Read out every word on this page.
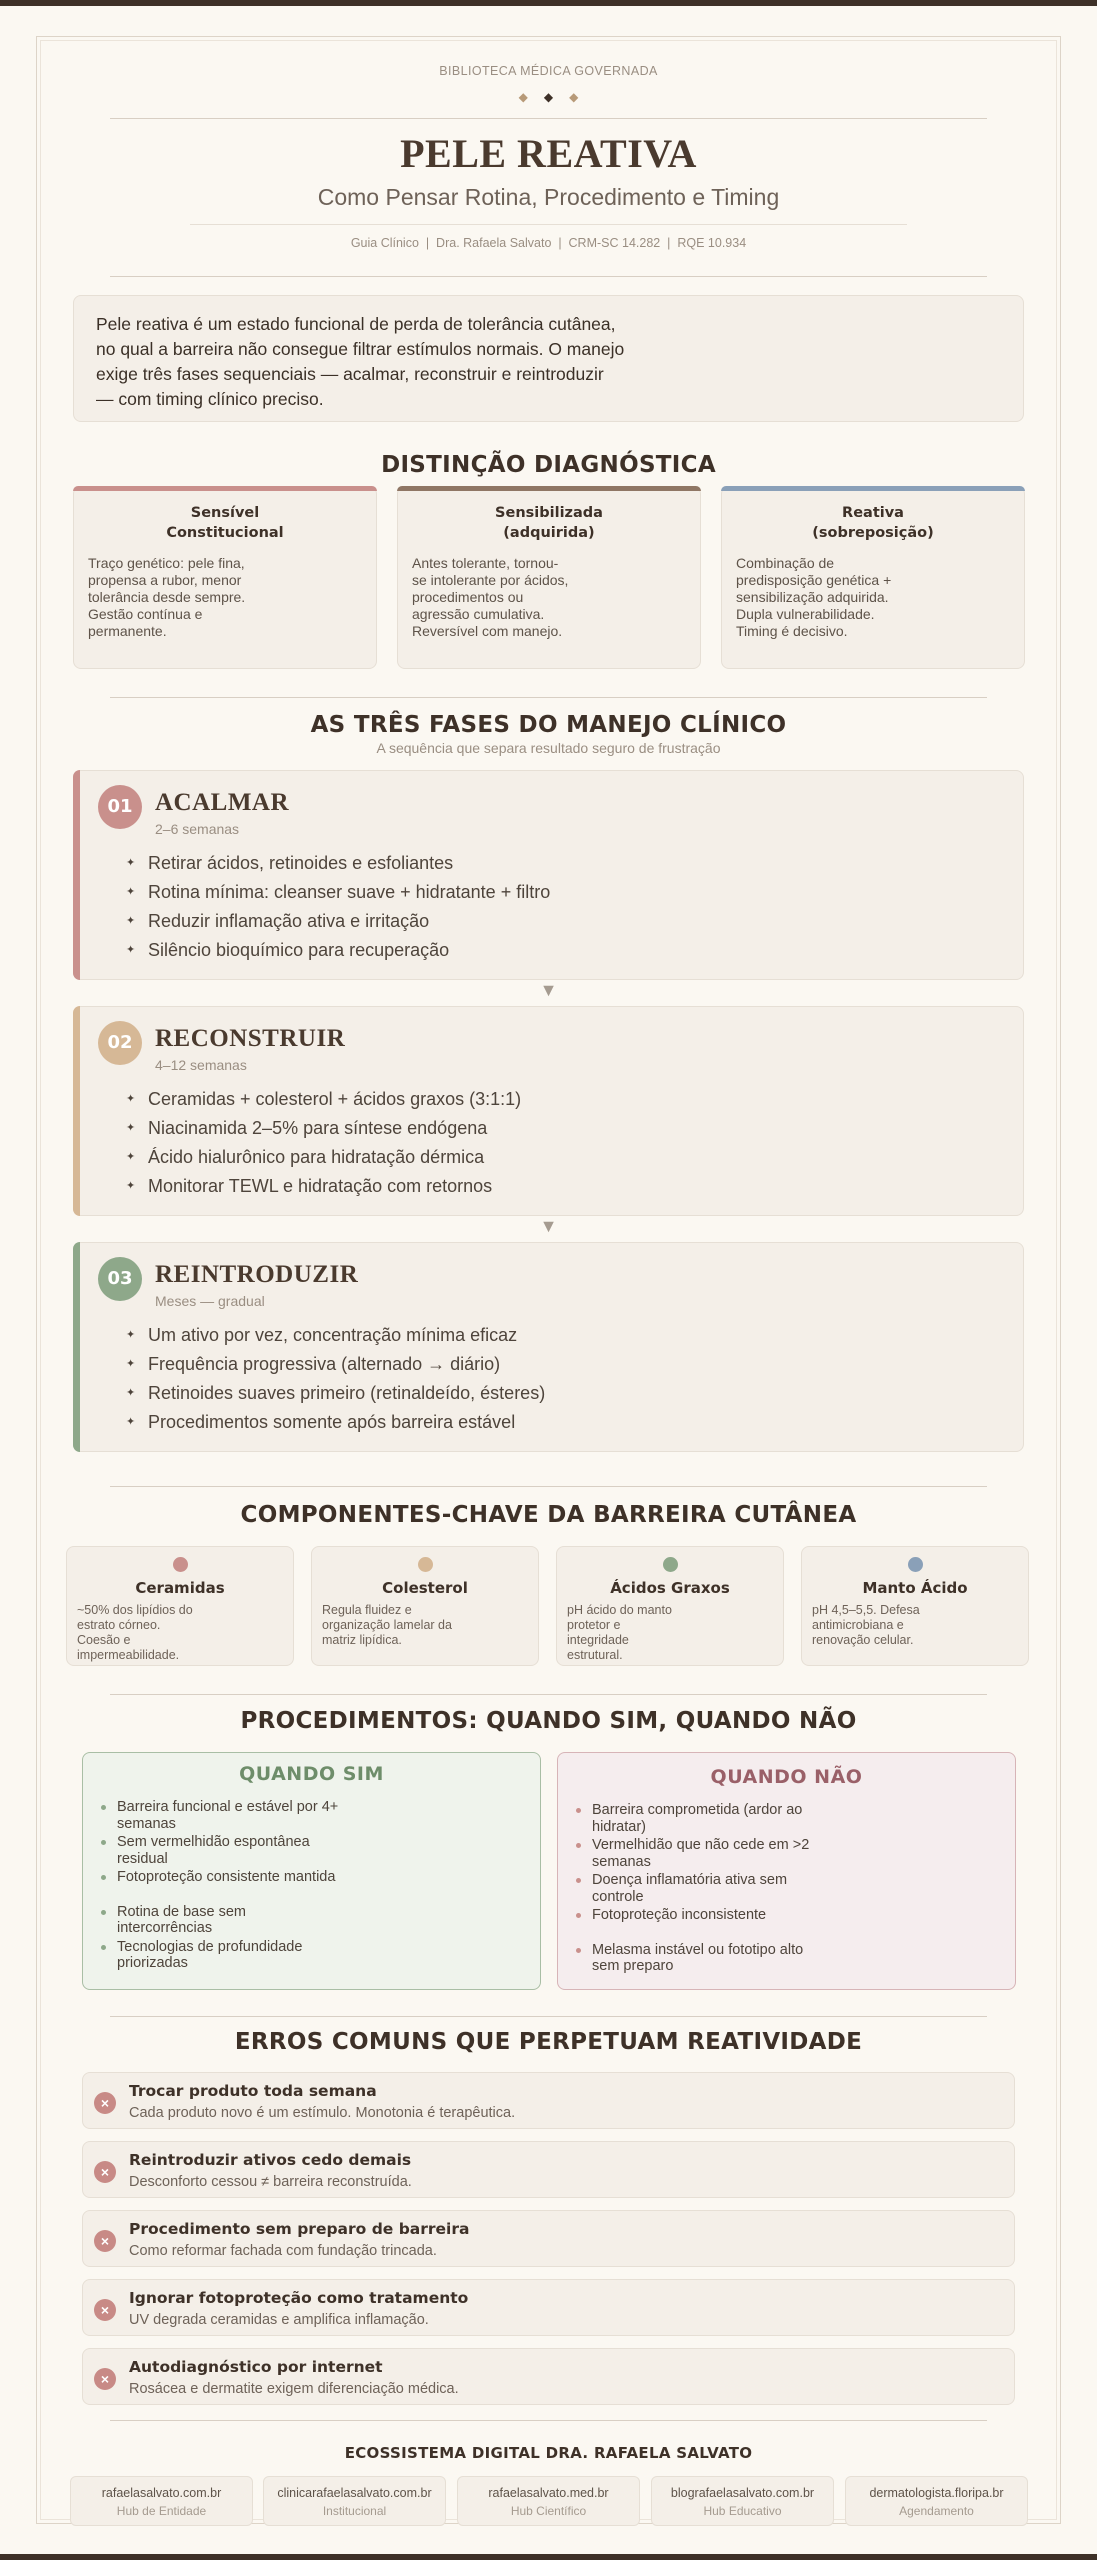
BIBLIOTECA MÉDICA GOVERNADA
◆ ◆ ◆
PELE REATIVA
Como Pensar Rotina, Procedimento e Timing
Guia Clínico  |  Dra. Rafaela Salvato  |  CRM-SC 14.282  |  RQE 10.934

Pele reativa é um estado funcional de perda de tolerância cutânea, no qual a barreira não consegue filtrar estímulos normais. O manejo exige três fases sequenciais — acalmar, reconstruir e reintroduzir — com timing clínico preciso.

DISTINÇÃO DIAGNÓSTICA
Sensível Constitucional

Traço genético: pele fina, propensa a rubor, menor tolerância desde sempre. Gestão contínua e permanente.

Sensibilizada (adquirida)

Antes tolerante, tornou-se intolerante por ácidos, procedimentos ou agressão cumulativa. Reversível com manejo.

Reativa (sobreposição)

Combinação de predisposição genética + sensibilização adquirida. Dupla vulnerabilidade. Timing é decisivo.

AS TRÊS FASES DO MANEJO CLÍNICO
A sequência que separa resultado seguro de frustração
01 ACALMAR
2–6 semanas
✦ Retirar ácidos, retinoides e esfoliantes
✦ Rotina mínima: cleanser suave + hidratante + filtro
✦ Reduzir inflamação ativa e irritação
✦ Silêncio bioquímico para recuperação
▼
02 RECONSTRUIR
4–12 semanas
✦ Ceramidas + colesterol + ácidos graxos (3:1:1)
✦ Niacinamida 2–5% para síntese endógena
✦ Ácido hialurônico para hidratação dérmica
✦ Monitorar TEWL e hidratação com retornos
▼
03 REINTRODUZIR
Meses — gradual
✦ Um ativo por vez, concentração mínima eficaz
✦ Frequência progressiva (alternado → diário)
✦ Retinoides suaves primeiro (retinaldeído, ésteres)
✦ Procedimentos somente após barreira estável
COMPONENTES-CHAVE DA BARREIRA CUTÂNEA
Ceramidas

~50% dos lipídios do estrato córneo. Coesão e impermeabilidade.

Colesterol

Regula fluidez e organização lamelar da matriz lipídica.

Ácidos Graxos

pH ácido do manto protetor e integridade estrutural.

Manto Ácido

pH 4,5–5,5. Defesa antimicrobiana e renovação celular.

PROCEDIMENTOS: QUANDO SIM, QUANDO NÃO
QUANDO SIM
Barreira funcional e estável por 4+ semanas
Sem vermelhidão espontânea residual
Fotoproteção consistente mantida
Rotina de base sem intercorrências
Tecnologias de profundidade priorizadas
QUANDO NÃO
Barreira comprometida (ardor ao hidratar)
Vermelhidão que não cede em >2 semanas
Doença inflamatória ativa sem controle
Fotoproteção inconsistente
Melasma instável ou fototipo alto sem preparo
ERROS COMUNS QUE PERPETUAM REATIVIDADE
×
Trocar produto toda semana

Cada produto novo é um estímulo. Monotonia é terapêutica.

×
Reintroduzir ativos cedo demais

Desconforto cessou ≠ barreira reconstruída.

×
Procedimento sem preparo de barreira

Como reformar fachada com fundação trincada.

×
Ignorar fotoproteção como tratamento

UV degrada ceramidas e amplifica inflamação.

×
Autodiagnóstico por internet

Rosácea e dermatite exigem diferenciação médica.

ECOSSISTEMA DIGITAL DRA. RAFAELA SALVATO
rafaelasalvato.com.br
Hub de Entidade
clinicarafaelasalvato.com.br
Institucional
rafaelasalvato.med.br
Hub Científico
blografaelasalvato.com.br
Hub Educativo
dermatologista.floripa.br
Agendamento
